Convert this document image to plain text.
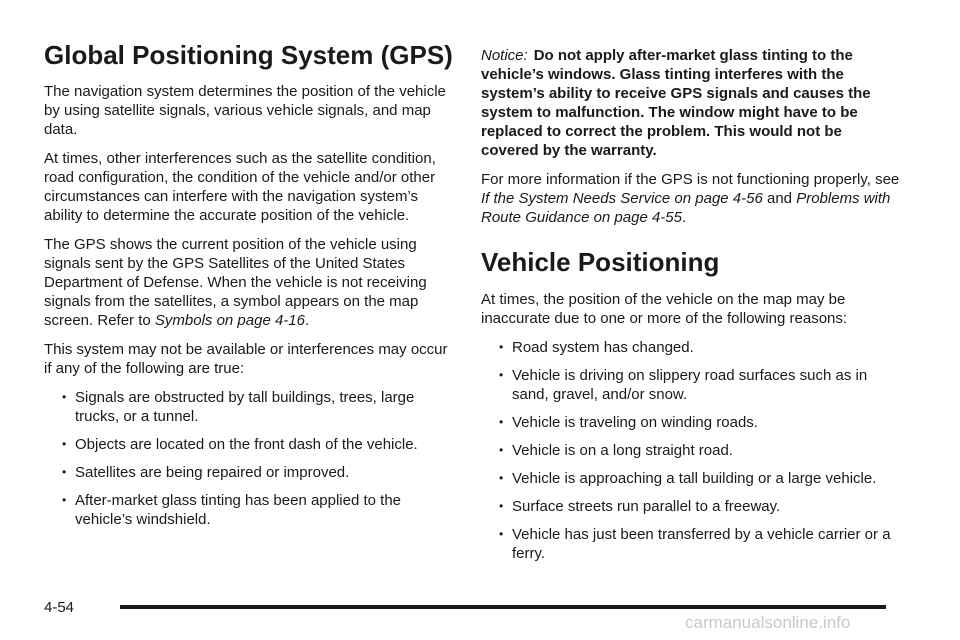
Global Positioning System (GPS)

The navigation system determines the position of the vehicle by using satellite signals, various vehicle signals, and map data.

At times, other interferences such as the satellite condition, road configuration, the condition of the vehicle and/or other circumstances can interfere with the navigation system’s ability to determine the accurate position of the vehicle.

The GPS shows the current position of the vehicle using signals sent by the GPS Satellites of the United States Department of Defense. When the vehicle is not receiving signals from the satellites, a symbol appears on the map screen. Refer to Symbols on page 4-16.

This system may not be available or interferences may occur if any of the following are true:

• Signals are obstructed by tall buildings, trees, large trucks, or a tunnel.
• Objects are located on the front dash of the vehicle.
• Satellites are being repaired or improved.
• After-market glass tinting has been applied to the vehicle’s windshield.

Notice: Do not apply after-market glass tinting to the vehicle’s windows. Glass tinting interferes with the system’s ability to receive GPS signals and causes the system to malfunction. The window might have to be replaced to correct the problem. This would not be covered by the warranty.

For more information if the GPS is not functioning properly, see If the System Needs Service on page 4-56 and Problems with Route Guidance on page 4-55.

Vehicle Positioning

At times, the position of the vehicle on the map may be inaccurate due to one or more of the following reasons:

• Road system has changed.
• Vehicle is driving on slippery road surfaces such as in sand, gravel, and/or snow.
• Vehicle is traveling on winding roads.
• Vehicle is on a long straight road.
• Vehicle is approaching a tall building or a large vehicle.
• Surface streets run parallel to a freeway.
• Vehicle has just been transferred by a vehicle carrier or a ferry.
4-54
carmanualsonline.info
